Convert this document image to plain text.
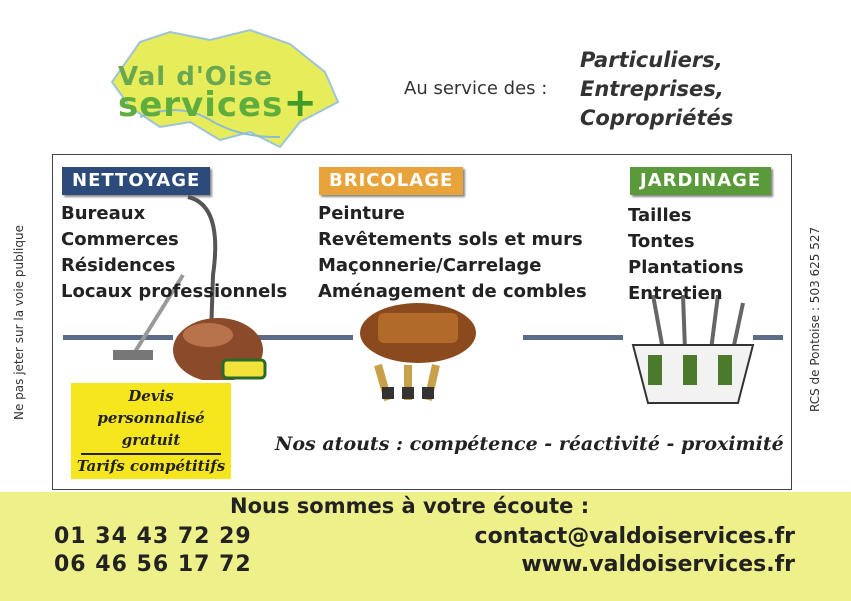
Val d'Oise
services+	Au service des :
Particuliers,
Entreprises,
Copropriétés
Ne pas jeter sur la voie publique	RCS de Pontoise : 503 625 527
NETTOYAGE	BRICOLAGE	JARDINAGE
Bureaux
Commerces
Résidences
Locaux professionnels
Peinture
Revêtements sols et murs
Maçonnerie/Carrelage
Aménagement de combles
Tailles
Tontes
Plantations
Entretien
Devis
personnalisé
gratuit
Tarifs compétitifs
Nos atouts : compétence - réactivité - proximité
Nous sommes à votre écoute :
01 34 43 72 29
06 46 56 17 72
contact@valdoiservices.fr
www.valdoiservices.fr
